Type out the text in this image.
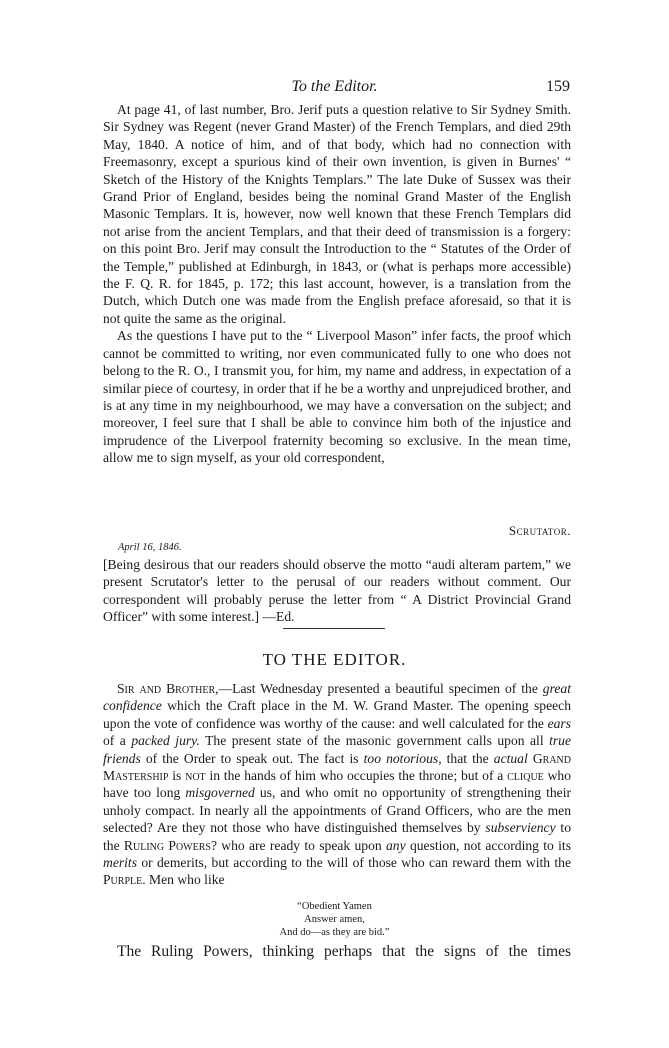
To the Editor.	159

At page 41, of last number, Bro. Jerif puts a question relative to Sir Sydney Smith. Sir Sydney was Regent (never Grand Master) of the French Templars, and died 29th May, 1840. A notice of him, and of that body, which had no connection with Freemasonry, except a spurious kind of their own invention, is given in Burnes' “ Sketch of the History of the Knights Templars.” The late Duke of Sussex was their Grand Prior of England, besides being the nominal Grand Master of the English Masonic Templars. It is, however, now well known that these French Templars did not arise from the ancient Templars, and that their deed of transmission is a forgery: on this point Bro. Jerif may consult the Introduction to the “ Statutes of the Order of the Temple,” published at Edinburgh, in 1843, or (what is perhaps more accessible) the F. Q. R. for 1845, p. 172; this last account, however, is a translation from the Dutch, which Dutch one was made from the English preface aforesaid, so that it is not quite the same as the original.

As the questions I have put to the “ Liverpool Mason” infer facts, the proof which cannot be committed to writing, nor even communicated fully to one who does not belong to the R. O., I transmit you, for him, my name and address, in expectation of a similar piece of courtesy, in order that if he be a worthy and unprejudiced brother, and is at any time in my neighbourhood, we may have a conversation on the subject; and moreover, I feel sure that I shall be able to convince him both of the injustice and imprudence of the Liverpool fraternity becoming so exclusive. In the mean time, allow me to sign myself, as your old correspondent,

Scrutator.
April 16, 1846.

[Being desirous that our readers should observe the motto “audi alteram partem,” we present Scrutator's letter to the perusal of our readers without comment. Our correspondent will probably peruse the letter from “ A District Provincial Grand Officer” with some interest.] —Ed.

TO THE EDITOR.

Sir and Brother,—Last Wednesday presented a beautiful specimen of the great confidence which the Craft place in the M. W. Grand Master. The opening speech upon the vote of confidence was worthy of the cause: and well calculated for the ears of a packed jury. The present state of the masonic government calls upon all true friends of the Order to speak out. The fact is too notorious, that the actual Grand Mastership is not in the hands of him who occupies the throne; but of a clique who have too long misgoverned us, and who omit no opportunity of strengthening their unholy compact. In nearly all the appointments of Grand Officers, who are the men selected? Are they not those who have distinguished themselves by subserviency to the Ruling Powers? who are ready to speak upon any question, not according to its merits or demerits, but according to the will of those who can reward them with the Purple. Men who like

“Obedient Yamen
Answer amen,
And do—as they are bid.”
The Ruling Powers, thinking perhaps that the signs of the times
